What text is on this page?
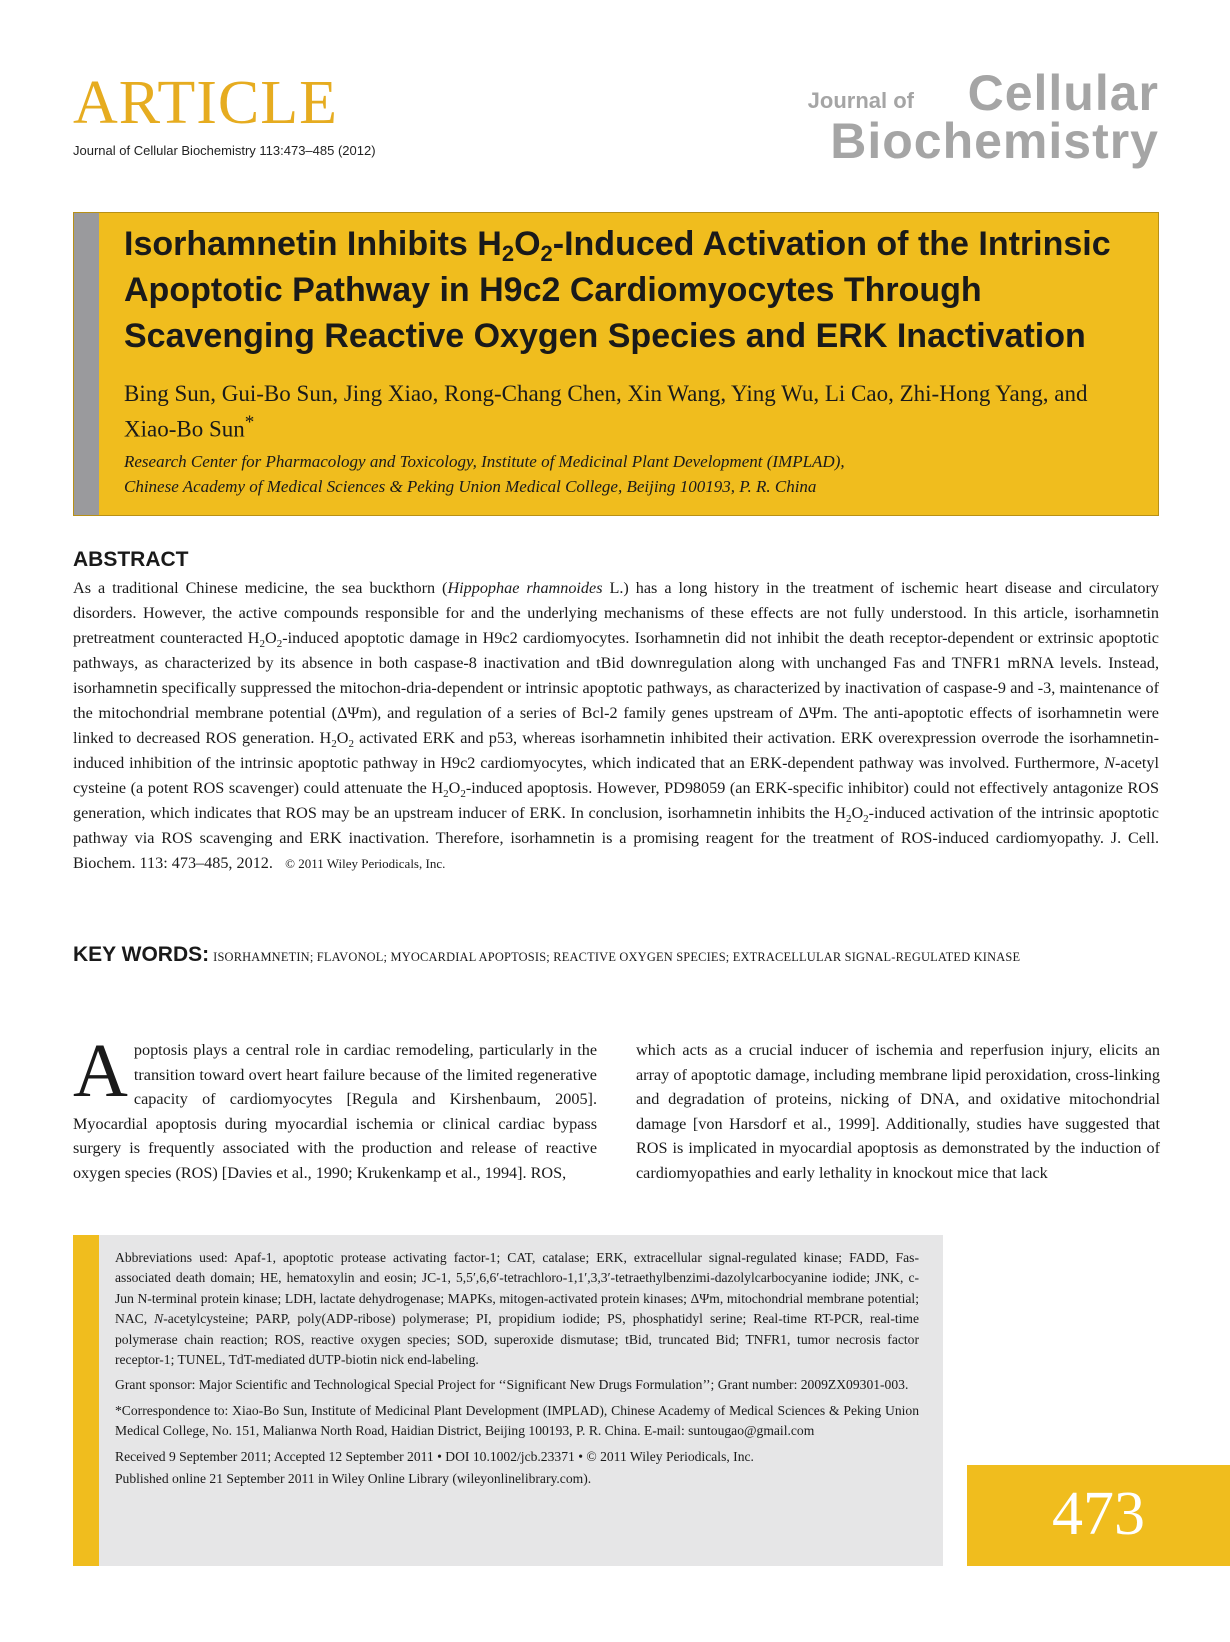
ARTICLE
Journal of Cellular Biochemistry 113:473–485 (2012)
Journal of Cellular
Biochemistry
Isorhamnetin Inhibits $H_2O_2$-Induced Activation of the Intrinsic Apoptotic Pathway in H9c2 Cardiomyocytes Through Scavenging Reactive Oxygen Species and ERK Inactivation
Bing Sun, Gui-Bo Sun, Jing Xiao, Rong-Chang Chen, Xin Wang, Ying Wu, Li Cao, Zhi-Hong Yang, and Xiao-Bo Sun*
Research Center for Pharmacology and Toxicology, Institute of Medicinal Plant Development (IMPLAD),
Chinese Academy of Medical Sciences & Peking Union Medical College, Beijing 100193, P. R. China
ABSTRACT
As a traditional Chinese medicine, the sea buckthorn (Hippophae rhamnoides L.) has a long history in the treatment of ischemic heart disease and circulatory disorders. However, the active compounds responsible for and the underlying mechanisms of these effects are not fully understood. In this article, isorhamnetin pretreatment counteracted $H_2O_2$-induced apoptotic damage in H9c2 cardiomyocytes. Isorhamnetin did not inhibit the death receptor-dependent or extrinsic apoptotic pathways, as characterized by its absence in both caspase-8 inactivation and tBid downregulation along with unchanged Fas and TNFR1 mRNA levels. Instead, isorhamnetin specifically suppressed the mitochon-dria-dependent or intrinsic apoptotic pathways, as characterized by inactivation of caspase-9 and -3, maintenance of the mitochondrial membrane potential (ΔΨm), and regulation of a series of Bcl-2 family genes upstream of ΔΨm. The anti-apoptotic effects of isorhamnetin were linked to decreased ROS generation. $H_2O_2$ activated ERK and p53, whereas isorhamnetin inhibited their activation. ERK overexpression overrode the isorhamnetin-induced inhibition of the intrinsic apoptotic pathway in H9c2 cardiomyocytes, which indicated that an ERK-dependent pathway was involved. Furthermore, N-acetyl cysteine (a potent ROS scavenger) could attenuate the $H_2O_2$-induced apoptosis. However, PD98059 (an ERK-specific inhibitor) could not effectively antagonize ROS generation, which indicates that ROS may be an upstream inducer of ERK. In conclusion, isorhamnetin inhibits the $H_2O_2$-induced activation of the intrinsic apoptotic pathway via ROS scavenging and ERK inactivation. Therefore, isorhamnetin is a promising reagent for the treatment of ROS-induced cardiomyopathy. J. Cell. Biochem. 113: 473–485, 2012. © 2011 Wiley Periodicals, Inc.
KEY WORDS: ISORHAMNETIN; FLAVONOL; MYOCARDIAL APOPTOSIS; REACTIVE OXYGEN SPECIES; EXTRACELLULAR SIGNAL-REGULATED KINASE
Apoptosis plays a central role in cardiac remodeling, particularly in the transition toward overt heart failure because of the limited regenerative capacity of cardiomyocytes [Regula and Kirshenbaum, 2005]. Myocardial apoptosis during myocardial ischemia or clinical cardiac bypass surgery is frequently associated with the production and release of reactive oxygen species (ROS) [Davies et al., 1990; Krukenkamp et al., 1994]. ROS,
which acts as a crucial inducer of ischemia and reperfusion injury, elicits an array of apoptotic damage, including membrane lipid peroxidation, cross-linking and degradation of proteins, nicking of DNA, and oxidative mitochondrial damage [von Harsdorf et al., 1999]. Additionally, studies have suggested that ROS is implicated in myocardial apoptosis as demonstrated by the induction of cardiomyopathies and early lethality in knockout mice that lack

Abbreviations used: Apaf-1, apoptotic protease activating factor-1; CAT, catalase; ERK, extracellular signal-regulated kinase; FADD, Fas-associated death domain; HE, hematoxylin and eosin; JC-1, 5,5′,6,6′-tetrachloro-1,1′,3,3′-tetraethylbenzimi-dazolylcarbocyanine iodide; JNK, c-Jun N-terminal protein kinase; LDH, lactate dehydrogenase; MAPKs, mitogen-activated protein kinases; ΔΨm, mitochondrial membrane potential; NAC, N-acetylcysteine; PARP, poly(ADP-ribose) polymerase; PI, propidium iodide; PS, phosphatidyl serine; Real-time RT-PCR, real-time polymerase chain reaction; ROS, reactive oxygen species; SOD, superoxide dismutase; tBid, truncated Bid; TNFR1, tumor necrosis factor receptor-1; TUNEL, TdT-mediated dUTP-biotin nick end-labeling.

Grant sponsor: Major Scientific and Technological Special Project for ‘‘Significant New Drugs Formulation’’; Grant number: 2009ZX09301-003.

*Correspondence to: Xiao-Bo Sun, Institute of Medicinal Plant Development (IMPLAD), Chinese Academy of Medical Sciences & Peking Union Medical College, No. 151, Malianwa North Road, Haidian District, Beijing 100193, P. R. China. E-mail: suntougao@gmail.com

Received 9 September 2011; Accepted 12 September 2011 • DOI 10.1002/jcb.23371 • © 2011 Wiley Periodicals, Inc.

Published online 21 September 2011 in Wiley Online Library (wileyonlinelibrary.com).

473
